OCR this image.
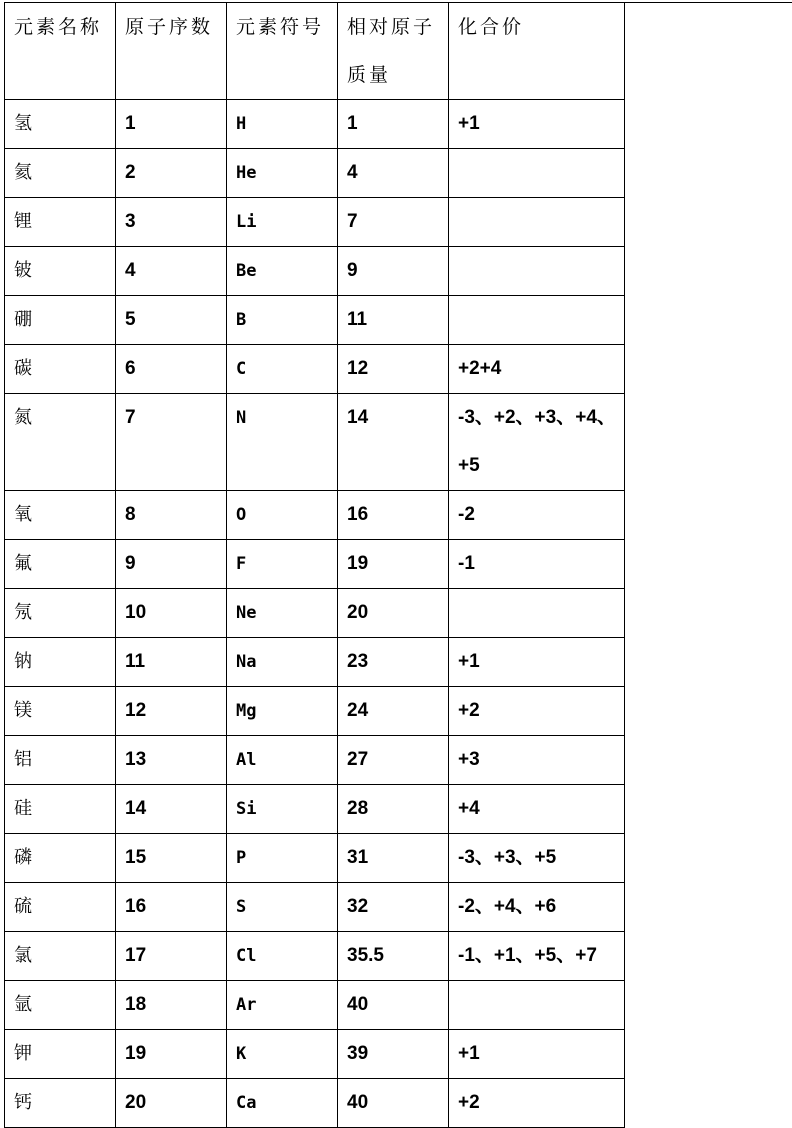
元素名称	原子序数	元素符号	相对原子质量	化合价

氢	1	H	1	+1

氦	2	He	4	

锂	3	Li	7	

铍	4	Be	9	

硼	5	B	11	

碳	6	C	12	+2+4

氮	7	N	14	-3、+2、+3、+4、+5

氧	8	O	16	-2

氟	9	F	19	-1

氖	10	Ne	20	

钠	11	Na	23	+1

镁	12	Mg	24	+2

铝	13	Al	27	+3

硅	14	Si	28	+4

磷	15	P	31	-3、+3、+5

硫	16	S	32	-2、+4、+6

氯	17	Cl	35.5	-1、+1、+5、+7

氩	18	Ar	40	

钾	19	K	39	+1

钙	20	Ca	40	+2
